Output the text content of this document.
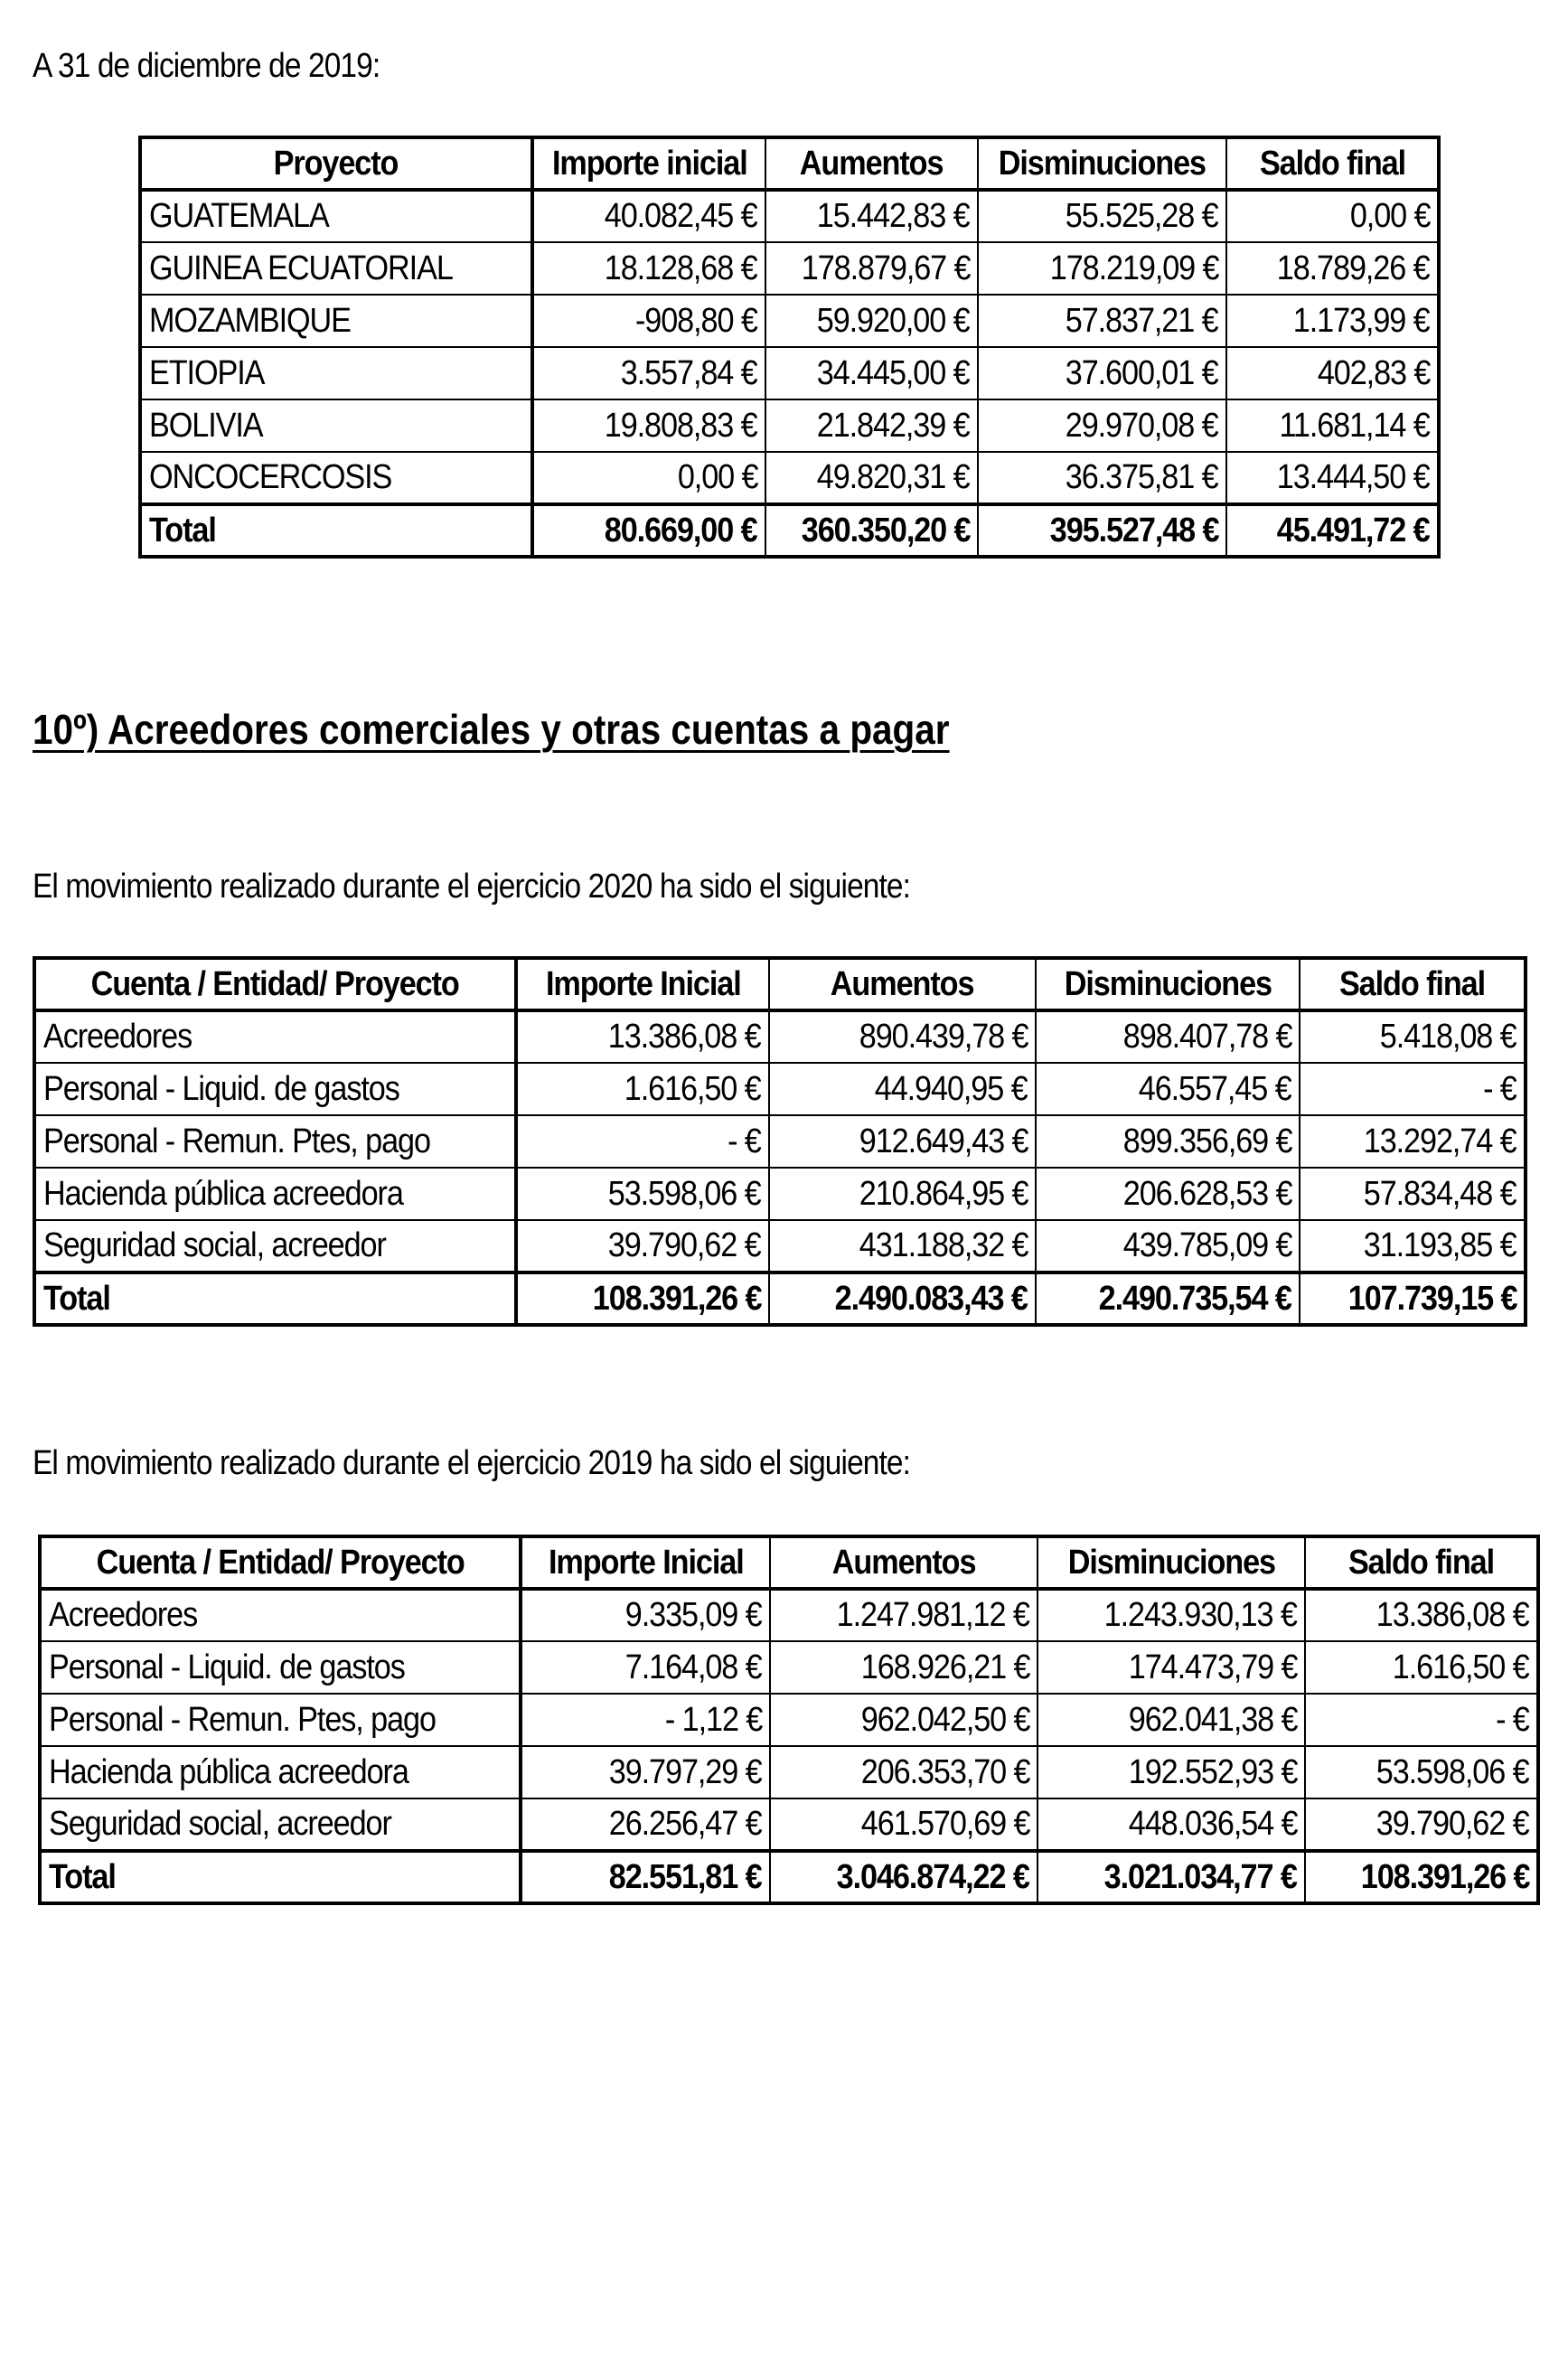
A 31 de diciembre de 2019:
Proyecto	Importe inicial	Aumentos	Disminuciones	Saldo final
GUATEMALA	40.082,45 €	15.442,83 €	55.525,28 €	0,00 €
GUINEA ECUATORIAL	18.128,68 €	178.879,67 €	178.219,09 €	18.789,26 €
MOZAMBIQUE	-908,80 €	59.920,00 €	57.837,21 €	1.173,99 €
ETIOPIA	3.557,84 €	34.445,00 €	37.600,01 €	402,83 €
BOLIVIA	19.808,83 €	21.842,39 €	29.970,08 €	11.681,14 €
ONCOCERCOSIS	0,00 €	49.820,31 €	36.375,81 €	13.444,50 €
Total	80.669,00 €	360.350,20 €	395.527,48 €	45.491,72 €
10º) Acreedores comerciales y otras cuentas a pagar
El movimiento realizado durante el ejercicio 2020 ha sido el siguiente:
Cuenta / Entidad/ Proyecto	Importe Inicial	Aumentos	Disminuciones	Saldo final
Acreedores	13.386,08 €	890.439,78 €	898.407,78 €	5.418,08 €
Personal - Liquid. de gastos	1.616,50 €	44.940,95 €	46.557,45 €	- €
Personal - Remun. Ptes, pago	- €	912.649,43 €	899.356,69 €	13.292,74 €
Hacienda pública acreedora	53.598,06 €	210.864,95 €	206.628,53 €	57.834,48 €
Seguridad social, acreedor	39.790,62 €	431.188,32 €	439.785,09 €	31.193,85 €
Total	108.391,26 €	2.490.083,43 €	2.490.735,54 €	107.739,15 €
El movimiento realizado durante el ejercicio 2019 ha sido el siguiente:
Cuenta / Entidad/ Proyecto	Importe Inicial	Aumentos	Disminuciones	Saldo final
Acreedores	9.335,09 €	1.247.981,12 €	1.243.930,13 €	13.386,08 €
Personal - Liquid. de gastos	7.164,08 €	168.926,21 €	174.473,79 €	1.616,50 €
Personal - Remun. Ptes, pago	- 1,12 €	962.042,50 €	962.041,38 €	- €
Hacienda pública acreedora	39.797,29 €	206.353,70 €	192.552,93 €	53.598,06 €
Seguridad social, acreedor	26.256,47 €	461.570,69 €	448.036,54 €	39.790,62 €
Total	82.551,81 €	3.046.874,22 €	3.021.034,77 €	108.391,26 €
